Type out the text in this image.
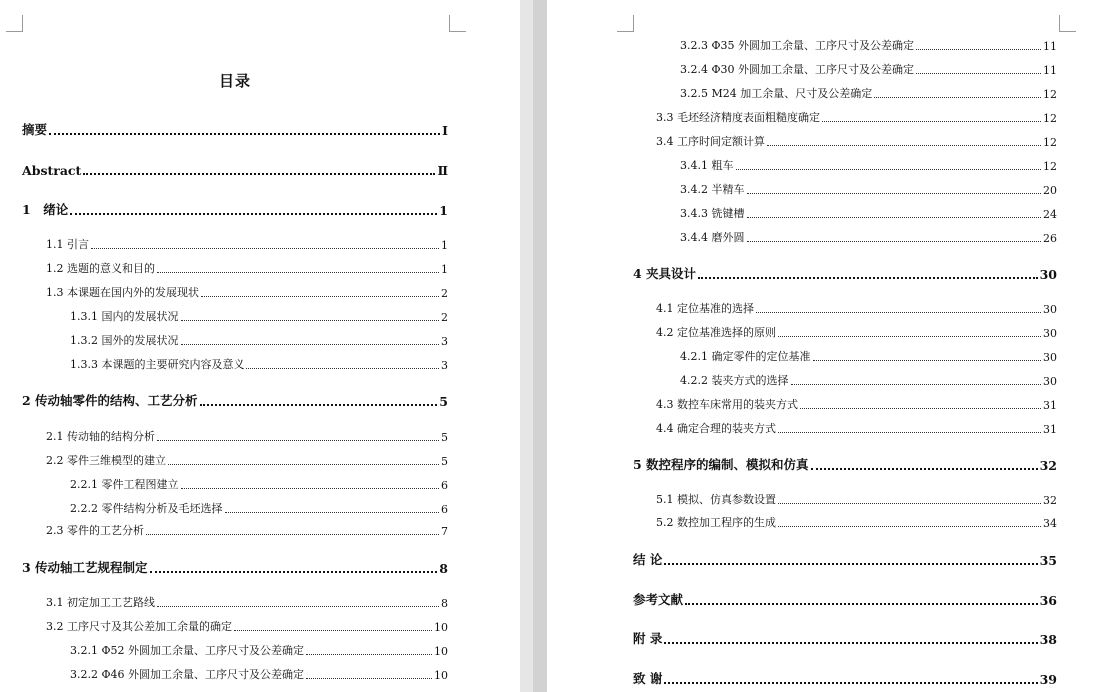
目录
摘要	I
Abstract	Ⅱ
1　绪论	1
1.1 引言	1
1.2 选题的意义和目的	1
1.3 本课题在国内外的发展现状	2
1.3.1 国内的发展状况	2
1.3.2 国外的发展状况	3
1.3.3 本课题的主要研究内容及意义	3
2 传动轴零件的结构、工艺分析	5
2.1 传动轴的结构分析	5
2.2 零件三维模型的建立	5
2.2.1 零件工程图建立	6
2.2.2 零件结构分析及毛坯选择	6
2.3 零件的工艺分析	7
3 传动轴工艺规程制定	8
3.1 初定加工工艺路线	8
3.2 工序尺寸及其公差加工余量的确定	10
3.2.1 Φ52 外圆加工余量、工序尺寸及公差确定	10
3.2.2 Φ46 外圆加工余量、工序尺寸及公差确定	10
3.2.3 Φ35 外圆加工余量、工序尺寸及公差确定	11
3.2.4 Φ30 外圆加工余量、工序尺寸及公差确定	11
3.2.5 M24 加工余量、尺寸及公差确定	12
3.3 毛坯经济精度表面粗糙度确定	12
3.4 工序时间定额计算	12
3.4.1 粗车	12
3.4.2 半精车	20
3.4.3 铣键槽	24
3.4.4 磨外圆	26
4 夹具设计	30
4.1 定位基准的选择	30
4.2 定位基准选择的原则	30
4.2.1 确定零件的定位基准	30
4.2.2 装夹方式的选择	30
4.3 数控车床常用的装夹方式	31
4.4 确定合理的装夹方式	31
5 数控程序的编制、模拟和仿真	32
5.1 模拟、仿真参数设置	32
5.2 数控加工程序的生成	34
结 论	35
参考文献	36
附 录	38
致 谢	39
